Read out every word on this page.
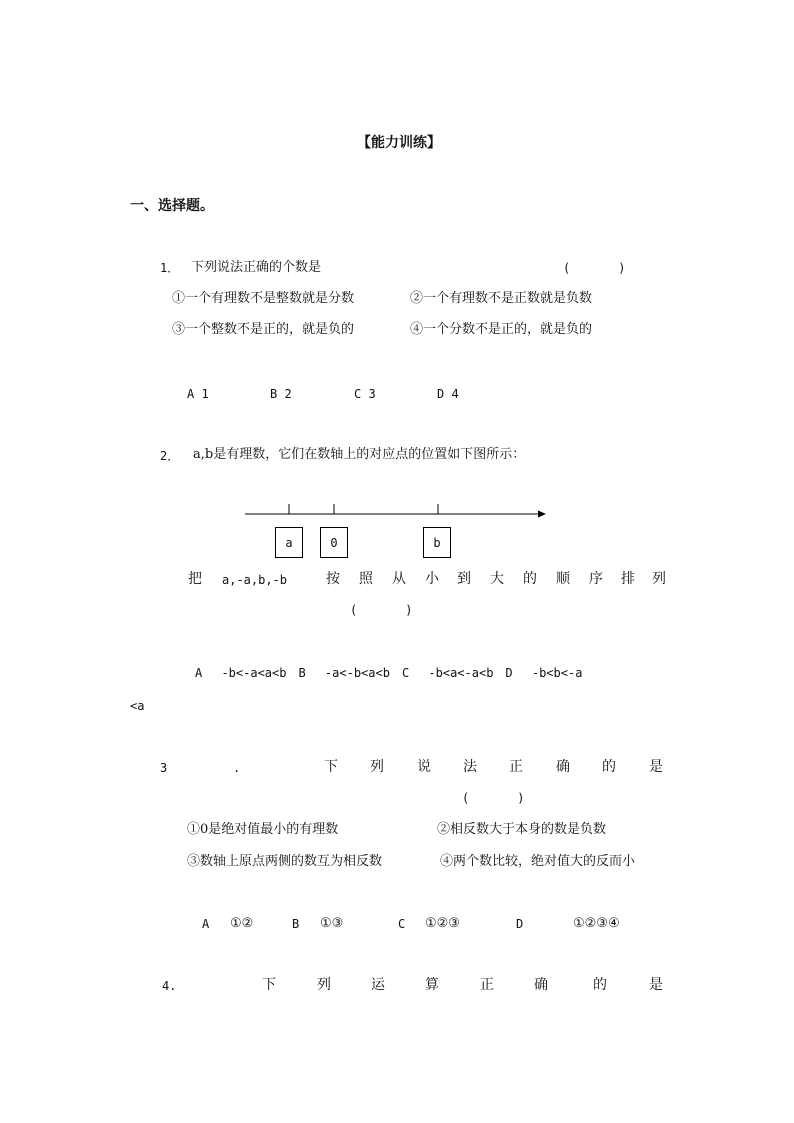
【能力训练】
一、选择题。
1． 下列说法正确的个数是	(　　　　)
①一个有理数不是整数就是分数	②一个有理数不是正数就是负数
③一个整数不是正的，就是负的	④一个分数不是正的，就是负的
A 1	B 2	C 3	D 4
2． a,b是有理数，它们在数轴上的对应点的位置如下图所示：
a	0	b
把 a,-a,b,-b	按 照 从 小 到 大 的 顺 序 排 列
(　　　　)
A　 -b<-a<a<b　B　 -a<-b<a<b　C　 -b<a<-a<b　D　 -b<b<-a
<a
3	.	下 列 说 法 正 确 的 是
(　　　　)
①0是绝对值最小的有理数	②相反数大于本身的数是负数
③数轴上原点两侧的数互为相反数	④两个数比较，绝对值大的反而小
A ①②	B ①③	C ①②③	D	①②③④
4.	下	列	运	算	正	确	的	是
